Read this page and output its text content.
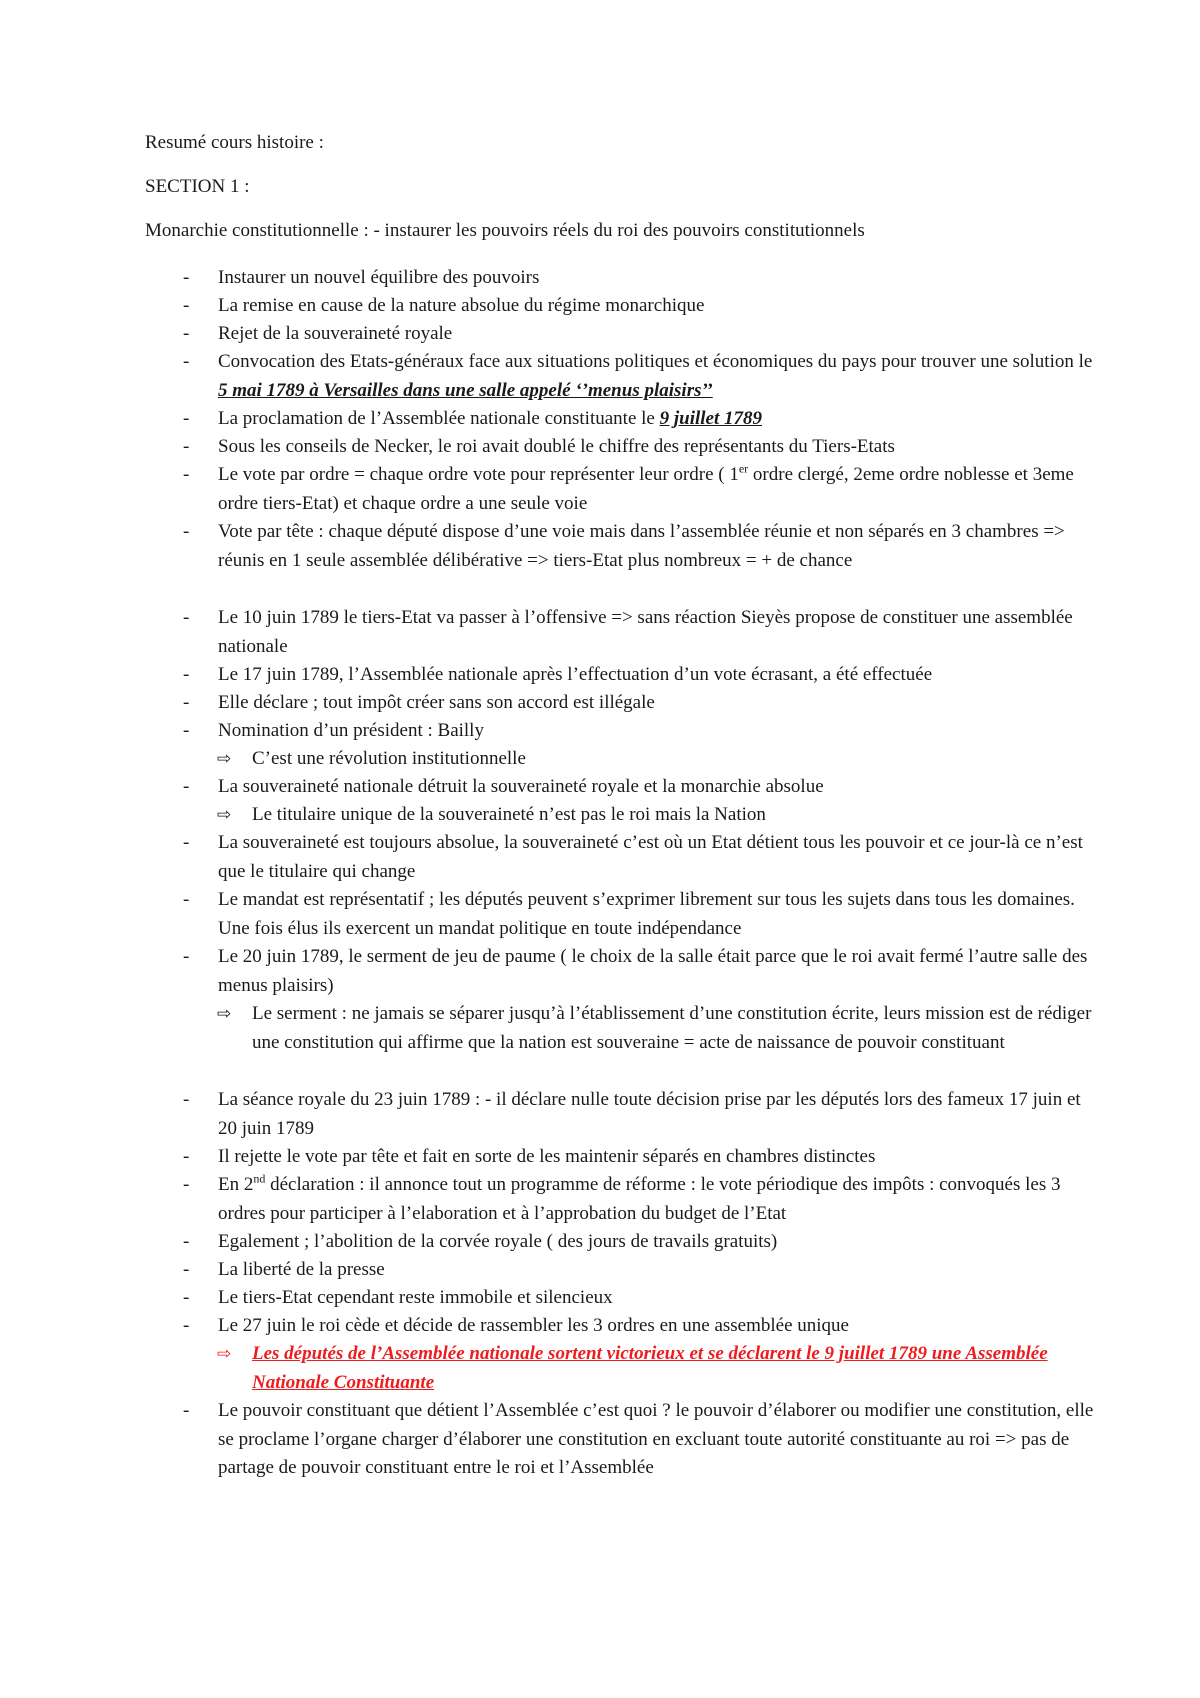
Resumé cours histoire :
SECTION 1 :
Monarchie constitutionnelle : - instaurer les pouvoirs réels du roi des pouvoirs constitutionnels
- Instaurer un nouvel équilibre des pouvoirs
- La remise en cause de la nature absolue du régime monarchique
- Rejet de la souveraineté royale
- Convocation des Etats-généraux face aux situations politiques et économiques du pays pour trouver une solution le 5 mai 1789 à Versailles dans une salle appelé ‘’menus plaisirs’’
- La proclamation de l’Assemblée nationale constituante le 9 juillet 1789
- Sous les conseils de Necker, le roi avait doublé le chiffre des représentants du Tiers-Etats
- Le vote par ordre = chaque ordre vote pour représenter leur ordre ( 1er ordre clergé, 2eme ordre noblesse et 3eme ordre tiers-Etat) et chaque ordre a une seule voie
- Vote par tête : chaque député dispose d’une voie mais dans l’assemblée réunie et non séparés en 3 chambres => réunis en 1 seule assemblée délibérative => tiers-Etat plus nombreux = + de chance
- Le 10 juin 1789 le tiers-Etat va passer à l’offensive => sans réaction Sieyès propose de constituer une assemblée nationale
- Le 17 juin 1789, l’Assemblée nationale après l’effectuation d’un vote écrasant, a été effectuée
- Elle déclare ; tout impôt créer sans son accord est illégale
- Nomination d’un président : Bailly
⇨ C’est une révolution institutionnelle
- La souveraineté nationale détruit la souveraineté royale et la monarchie absolue
⇨ Le titulaire unique de la souveraineté n’est pas le roi mais la Nation
- La souveraineté est toujours absolue, la souveraineté c’est où un Etat détient tous les pouvoir et ce jour-là ce n’est que le titulaire qui change
- Le mandat est représentatif ; les députés peuvent s’exprimer librement sur tous les sujets dans tous les domaines. Une fois élus ils exercent un mandat politique en toute indépendance
- Le 20 juin 1789, le serment de jeu de paume ( le choix de la salle était parce que le roi avait fermé l’autre salle des menus plaisirs)
⇨ Le serment : ne jamais se séparer jusqu’à l’établissement d’une constitution écrite, leurs mission est de rédiger une constitution qui affirme que la nation est souveraine = acte de naissance de pouvoir constituant
- La séance royale du 23 juin 1789 : - il déclare nulle toute décision prise par les députés lors des fameux 17 juin et 20 juin 1789
- Il rejette le vote par tête et fait en sorte de les maintenir séparés en chambres distinctes
- En 2nd déclaration : il annonce tout un programme de réforme : le vote périodique des impôts : convoqués les 3 ordres pour participer à l’elaboration et à l’approbation du budget de l’Etat
- Egalement ; l’abolition de la corvée royale ( des jours de travails gratuits)
- La liberté de la presse
- Le tiers-Etat cependant reste immobile et silencieux
- Le 27 juin le roi cède et décide de rassembler les 3 ordres en une assemblée unique
⇨ Les députés de l’Assemblée nationale sortent victorieux et se déclarent le 9 juillet 1789 une Assemblée Nationale Constituante
- Le pouvoir constituant que détient l’Assemblée c’est quoi ? le pouvoir d’élaborer ou modifier une constitution, elle se proclame l’organe charger d’élaborer une constitution en excluant toute autorité constituante au roi => pas de partage de pouvoir constituant entre le roi et l’Assemblée
